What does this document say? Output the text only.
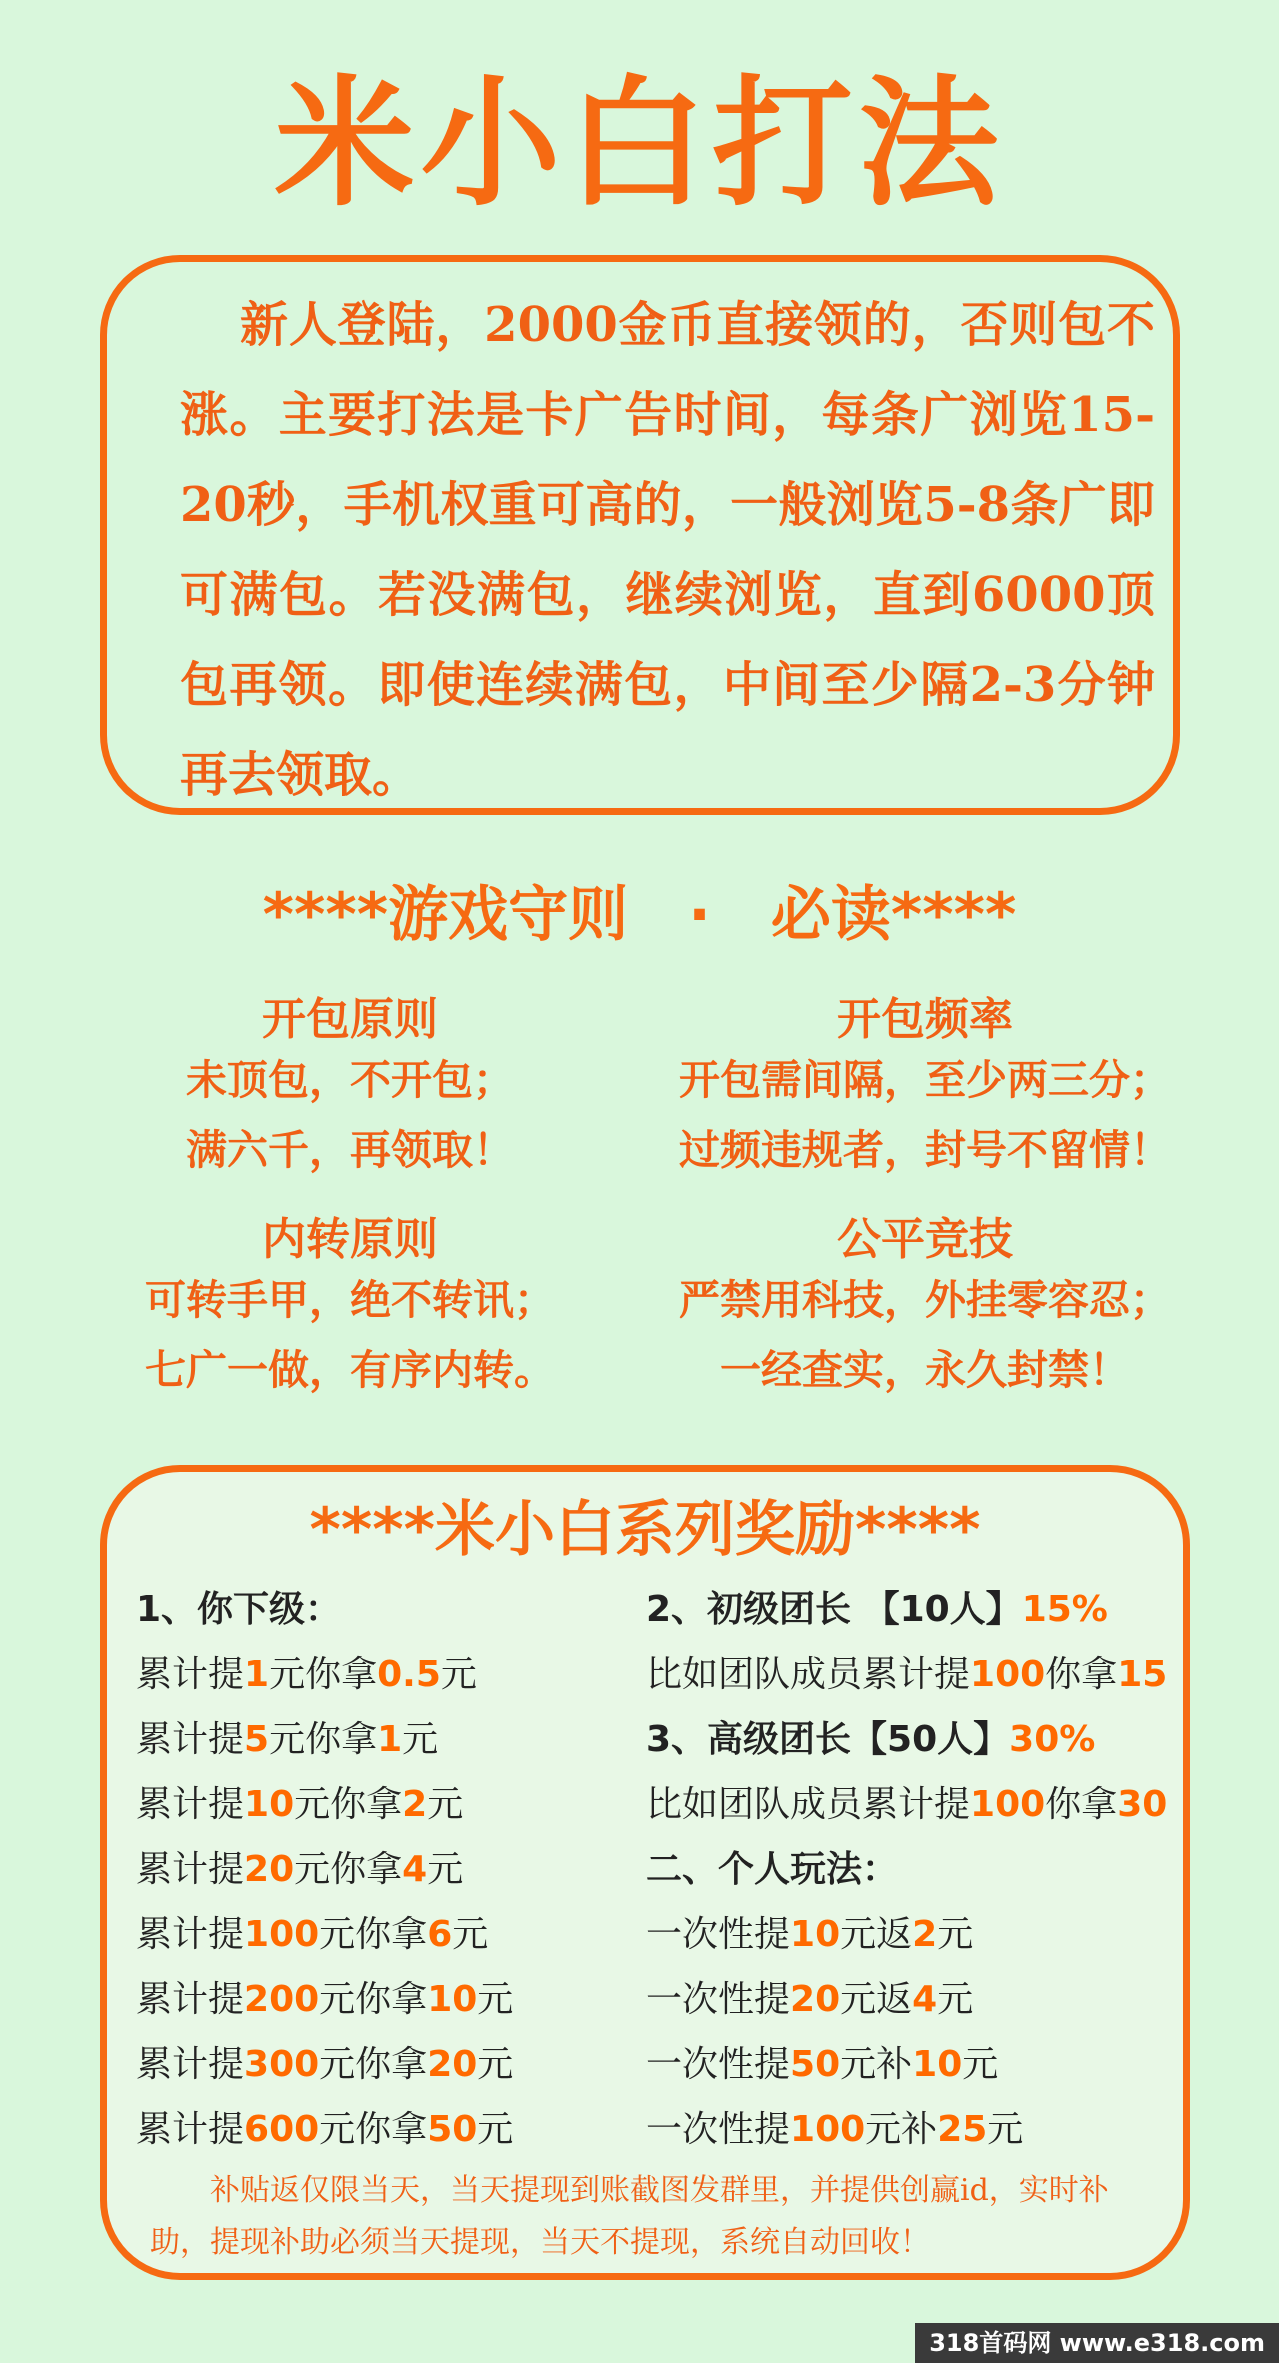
米小白打法
新人登陆，2000金币直接领的，否则包不涨。主要打法是卡广告时间，每条广浏览15-20秒，手机权重可高的，一般浏览5-8条广即可满包。若没满包，继续浏览，直到6000顶包再领。即使连续满包，中间至少隔2-3分钟再去领取。
****游戏守则　·　必读****
开包原则
未顶包，不开包；
满六千，再领取！
开包频率
开包需间隔，至少两三分；
过频违规者，封号不留情！
内转原则
可转手甲，绝不转讯；
七广一做，有序内转。
公平竞技
严禁用科技，外挂零容忍；
一经查实，永久封禁！
****米小白系列奖励****
1、你下级：
累计提1元你拿0.5元
累计提5元你拿1元
累计提10元你拿2元
累计提20元你拿4元
累计提100元你拿6元
累计提200元你拿10元
累计提300元你拿20元
累计提600元你拿50元
2、初级团长 【10人】15%
比如团队成员累计提100你拿15
3、高级团长【50人】30%
比如团队成员累计提100你拿30
二、个人玩法：
一次性提10元返2元
一次性提20元返4元
一次性提50元补10元
一次性提100元补25元
补贴返仅限当天，当天提现到账截图发群里，并提供创赢id，实时补助，提现补助必须当天提现，当天不提现，系统自动回收！
318首码网 www.e318.com
